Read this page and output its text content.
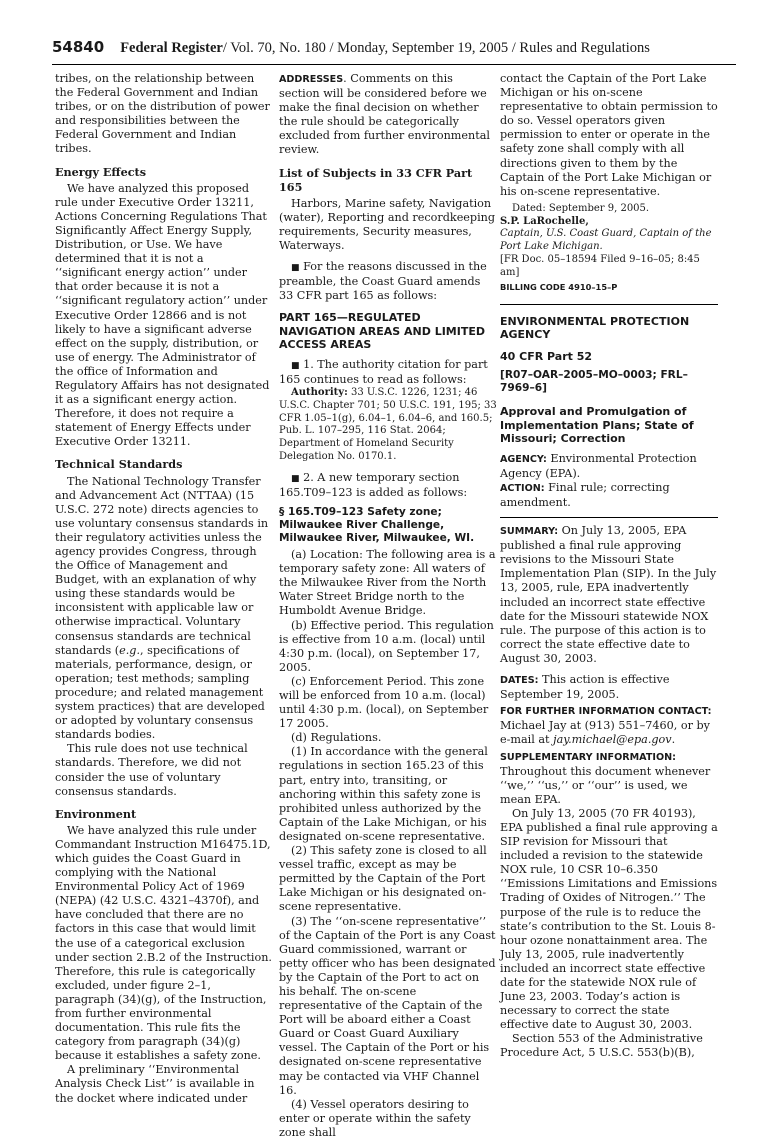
54840 Federal Register/ Vol. 70, No. 180 / Monday, September 19, 2005 / Rules and Regulations

tribes, on the relationship between the Federal Government and Indian tribes, or on the distribution of power and responsibilities between the Federal Government and Indian tribes.

Energy Effects

We have analyzed this proposed rule under Executive Order 13211, Actions Concerning Regulations That Significantly Affect Energy Supply, Distribution, or Use. We have determined that it is not a ‘‘significant energy action’’ under that order because it is not a ‘‘significant regulatory action’’ under Executive Order 12866 and is not likely to have a significant adverse effect on the supply, distribution, or use of energy. The Administrator of the office of Information and Regulatory Affairs has not designated it as a significant energy action. Therefore, it does not require a statement of Energy Effects under Executive Order 13211.

Technical Standards

The National Technology Transfer and Advancement Act (NTTAA) (15 U.S.C. 272 note) directs agencies to use voluntary consensus standards in their regulatory activities unless the agency provides Congress, through the Office of Management and Budget, with an explanation of why using these standards would be inconsistent with applicable law or otherwise impractical. Voluntary consensus standards are technical standards (e.g., specifications of materials, performance, design, or operation; test methods; sampling procedure; and related management system practices) that are developed or adopted by voluntary consensus standards bodies.

This rule does not use technical standards. Therefore, we did not consider the use of voluntary consensus standards.

Environment

We have analyzed this rule under Commandant Instruction M16475.1D, which guides the Coast Guard in complying with the National Environmental Policy Act of 1969 (NEPA) (42 U.S.C. 4321–4370f), and have concluded that there are no factors in this case that would limit the use of a categorical exclusion under section 2.B.2 of the Instruction. Therefore, this rule is categorically excluded, under figure 2–1, paragraph (34)(g), of the Instruction, from further environmental documentation. This rule fits the category from paragraph (34)(g) because it establishes a safety zone.

A preliminary ‘‘Environmental Analysis Check List’’ is available in the docket where indicated under

ADDRESSES. Comments on this section will be considered before we make the final decision on whether the rule should be categorically excluded from further environmental review.

List of Subjects in 33 CFR Part 165

Harbors, Marine safety, Navigation (water), Reporting and recordkeeping requirements, Security measures, Waterways.

■ For the reasons discussed in the preamble, the Coast Guard amends 33 CFR part 165 as follows:

PART 165—REGULATED NAVIGATION AREAS AND LIMITED ACCESS AREAS

■ 1. The authority citation for part 165 continues to read as follows:

Authority: 33 U.S.C. 1226, 1231; 46 U.S.C. Chapter 701; 50 U.S.C. 191, 195; 33 CFR 1.05–1(g), 6.04–1, 6.04–6, and 160.5; Pub. L. 107–295, 116 Stat. 2064; Department of Homeland Security Delegation No. 0170.1.

■ 2. A new temporary section 165.T09–123 is added as follows:

§ 165.T09–123 Safety zone; Milwaukee River Challenge, Milwaukee River, Milwaukee, WI.

(a) Location: The following area is a temporary safety zone: All waters of the Milwaukee River from the North Water Street Bridge north to the Humboldt Avenue Bridge.

(b) Effective period. This regulation is effective from 10 a.m. (local) until 4:30 p.m. (local), on September 17, 2005.

(c) Enforcement Period. This zone will be enforced from 10 a.m. (local) until 4:30 p.m. (local), on September 17 2005.

(d) Regulations.

(1) In accordance with the general regulations in section 165.23 of this part, entry into, transiting, or anchoring within this safety zone is prohibited unless authorized by the Captain of the Lake Michigan, or his designated on-scene representative.

(2) This safety zone is closed to all vessel traffic, except as may be permitted by the Captain of the Port Lake Michigan or his designated on-scene representative.

(3) The ‘‘on-scene representative’’ of the Captain of the Port is any Coast Guard commissioned, warrant or petty officer who has been designated by the Captain of the Port to act on his behalf. The on-scene representative of the Captain of the Port will be aboard either a Coast Guard or Coast Guard Auxiliary vessel. The Captain of the Port or his designated on-scene representative may be contacted via VHF Channel 16.

(4) Vessel operators desiring to enter or operate within the safety zone shall

contact the Captain of the Port Lake Michigan or his on-scene representative to obtain permission to do so. Vessel operators given permission to enter or operate in the safety zone shall comply with all directions given to them by the Captain of the Port Lake Michigan or his on-scene representative.

Dated: September 9, 2005.

S.P. LaRochelle,

Captain, U.S. Coast Guard, Captain of the Port Lake Michigan.

[FR Doc. 05–18594 Filed 9–16–05; 8:45 am]

BILLING CODE 4910–15–P

ENVIRONMENTAL PROTECTION AGENCY
40 CFR Part 52
[R07–OAR–2005–MO–0003; FRL–7969–6]
Approval and Promulgation of Implementation Plans; State of Missouri; Correction

AGENCY: Environmental Protection Agency (EPA).

ACTION: Final rule; correcting amendment.

SUMMARY: On July 13, 2005, EPA published a final rule approving revisions to the Missouri State Implementation Plan (SIP). In the July 13, 2005, rule, EPA inadvertently included an incorrect state effective date for the Missouri statewide NOX rule. The purpose of this action is to correct the state effective date to August 30, 2003.

DATES: This action is effective September 19, 2005.

FOR FURTHER INFORMATION CONTACT:

Michael Jay at (913) 551–7460, or by e-mail at jay.michael@epa.gov.

SUPPLEMENTARY INFORMATION:

Throughout this document whenever ‘‘we,’’ ‘‘us,’’ or ‘‘our’’ is used, we mean EPA.

On July 13, 2005 (70 FR 40193), EPA published a final rule approving a SIP revision for Missouri that included a revision to the statewide NOX rule, 10 CSR 10–6.350 ‘‘Emissions Limitations and Emissions Trading of Oxides of Nitrogen.’’ The purpose of the rule is to reduce the state’s contribution to the St. Louis 8-hour ozone nonattainment area. The July 13, 2005, rule inadvertently included an incorrect state effective date for the statewide NOX rule of June 23, 2003. Today’s action is necessary to correct the state effective date to August 30, 2003.

Section 553 of the Administrative Procedure Act, 5 U.S.C. 553(b)(B),
